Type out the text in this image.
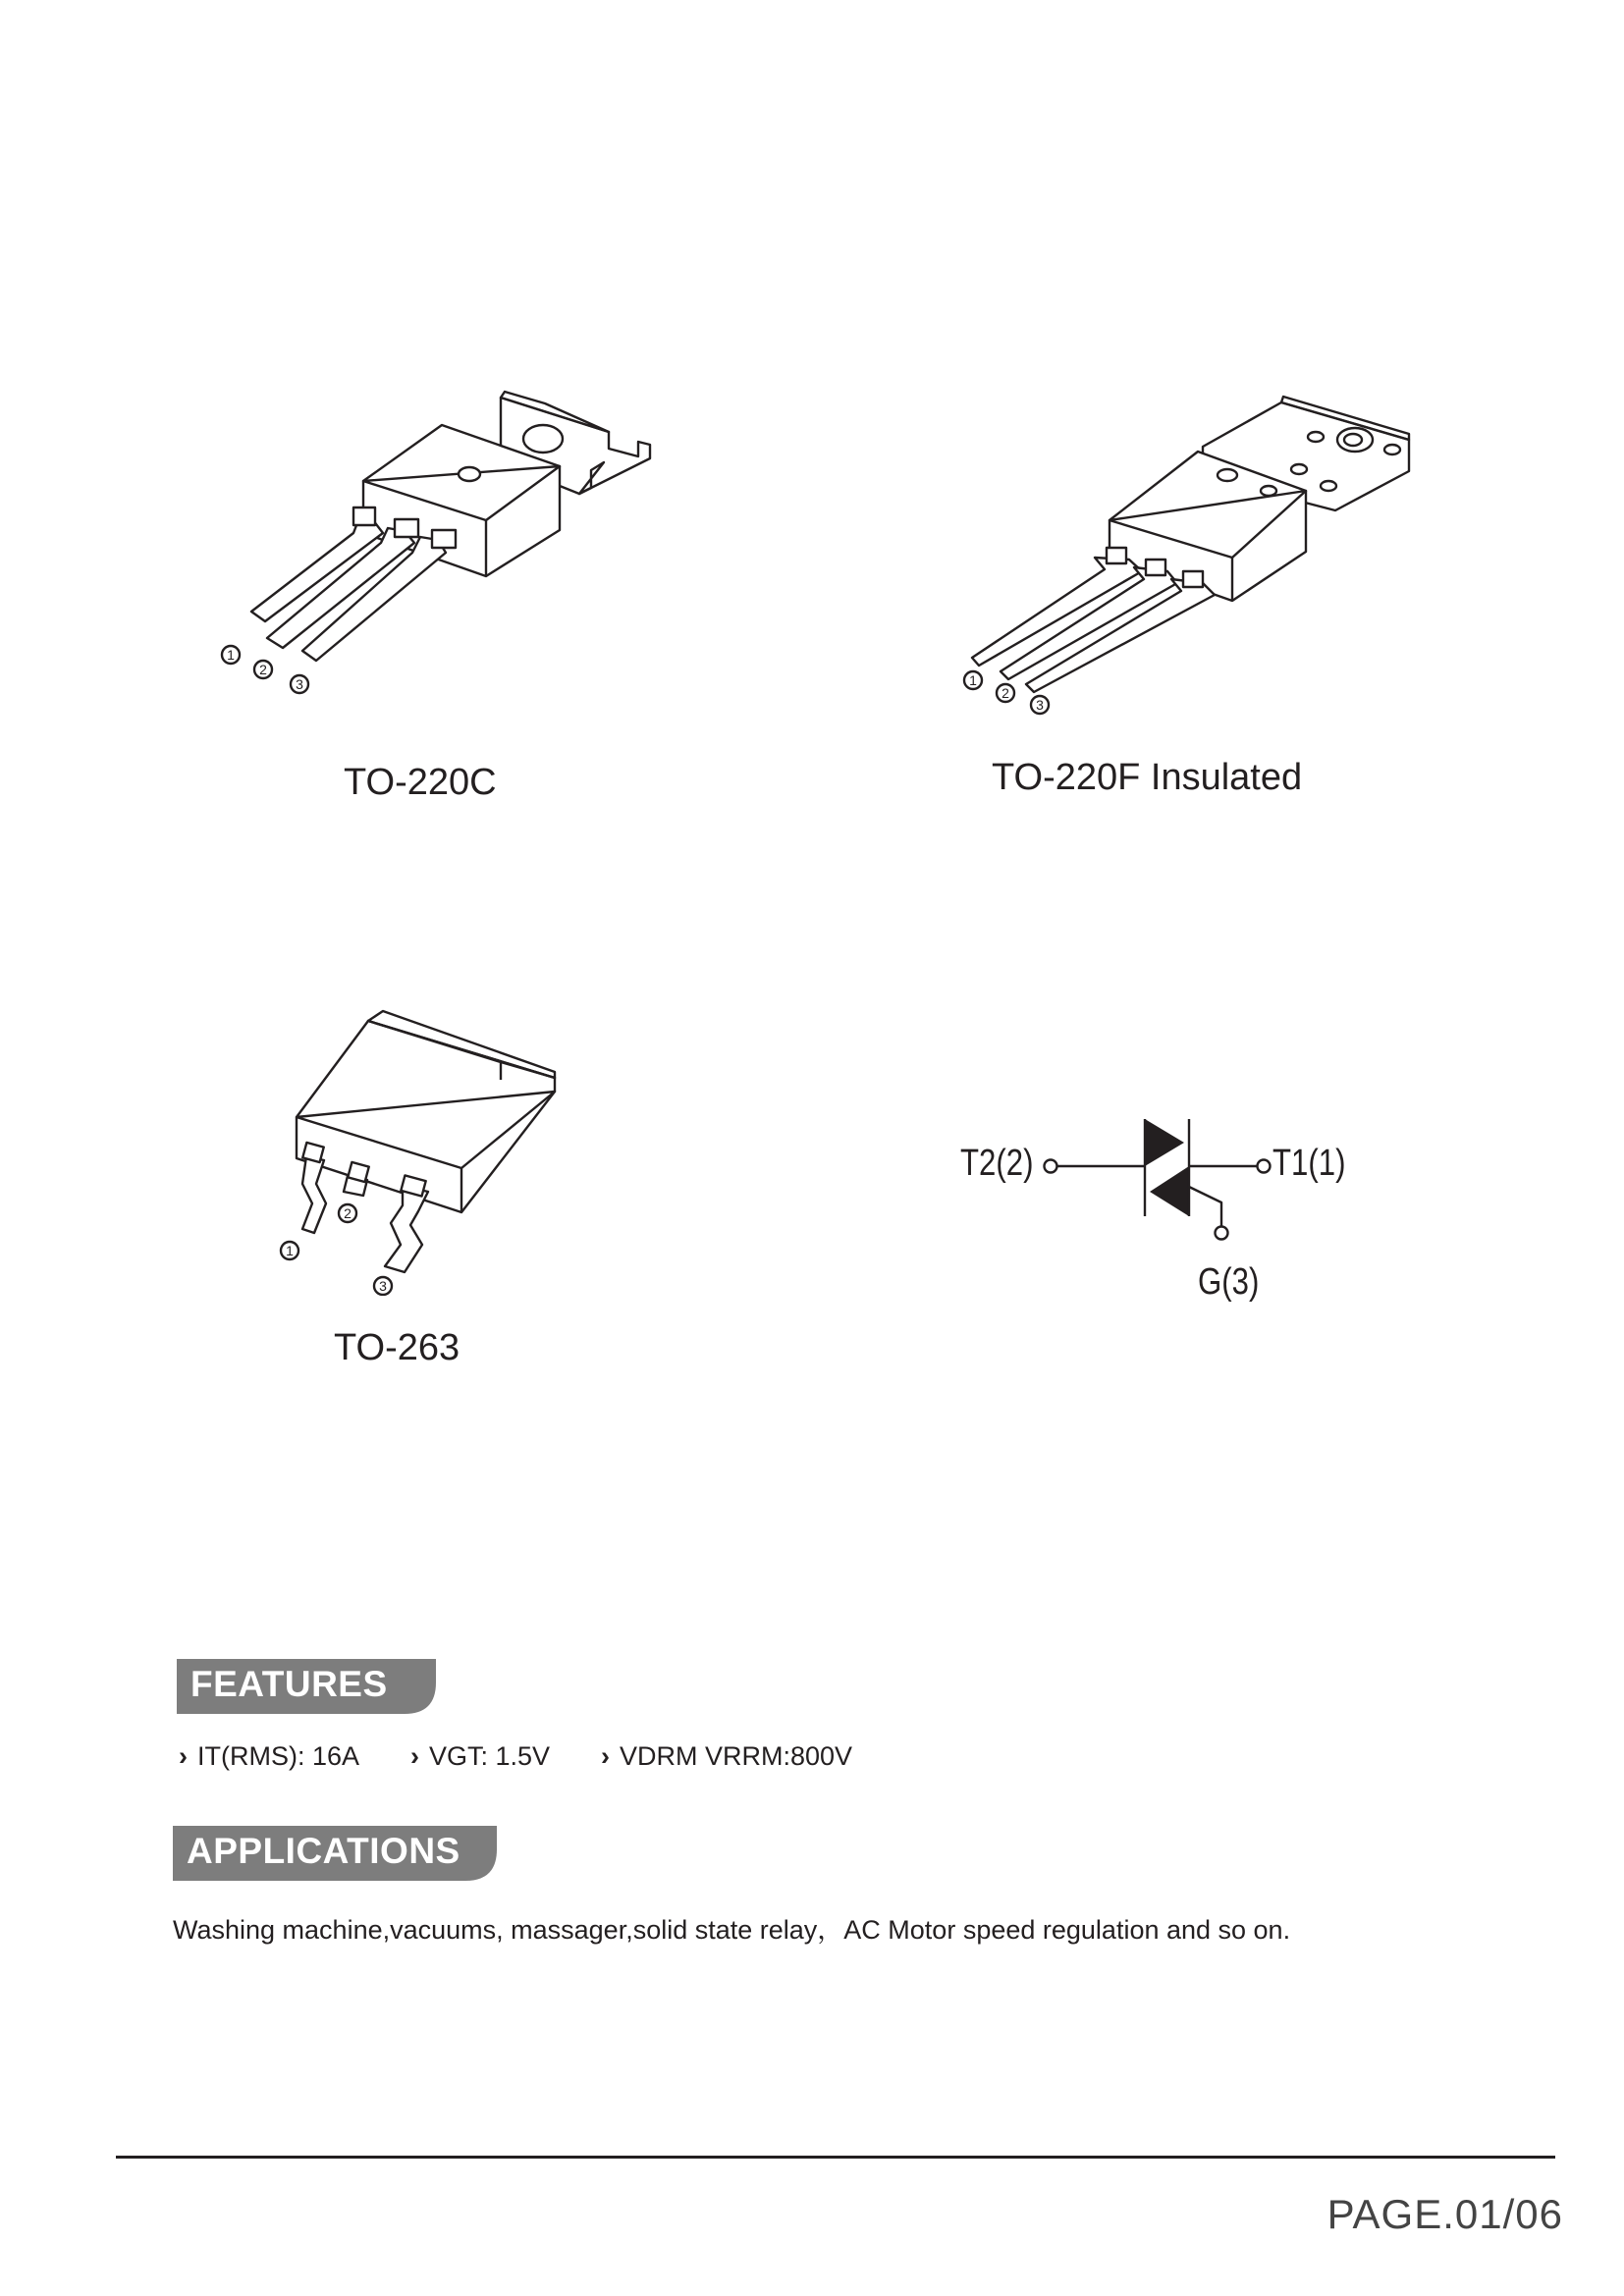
1
2
3
TO-220C
1
2
3
TO-220F Insulated
1
2
3
TO-263
T2(2)	T1(1)
G(3)
FEATURES
› IT(RMS): 16A › VGT: 1.5V › VDRM VRRM:800V
APPLICATIONS
Washing machine,vacuums, massager,solid state relay，AC Motor speed regulation and so on.
PAGE.01/06
